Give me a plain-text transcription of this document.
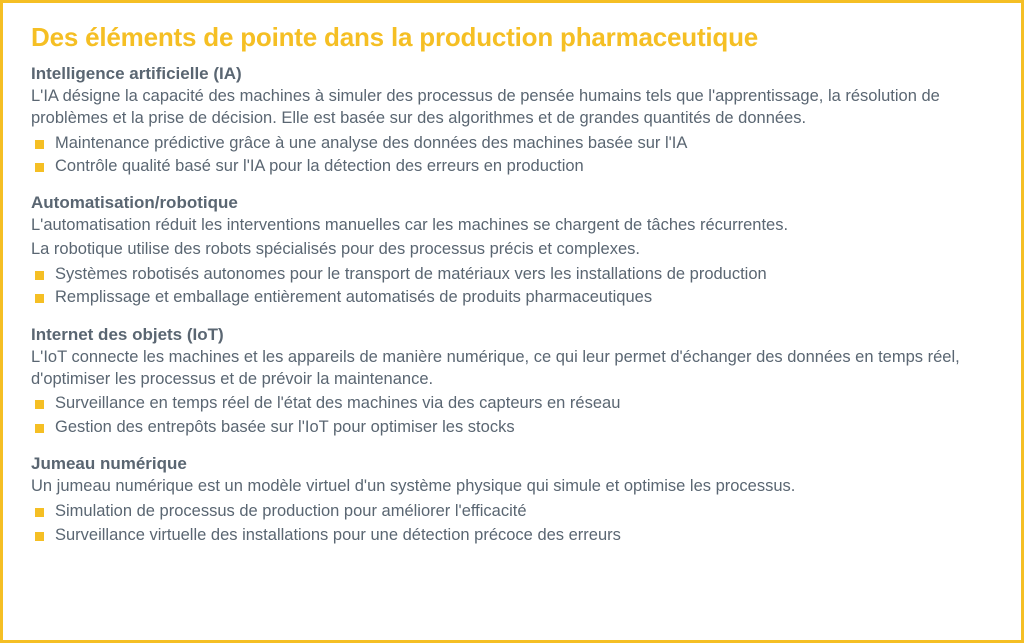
Des éléments de pointe dans la production pharmaceutique
Intelligence artificielle (IA)

L'IA désigne la capacité des machines à simuler des processus de pensée humains tels que l'apprentissage, la résolution de problèmes et la prise de décision. Elle est basée sur des algorithmes et de grandes quantités de données.

Maintenance prédictive grâce à une analyse des données des machines basée sur l'IA
Contrôle qualité basé sur l'IA pour la détection des erreurs en production
Automatisation/robotique

L'automatisation réduit les interventions manuelles car les machines se chargent de tâches récurrentes.

La robotique utilise des robots spécialisés pour des processus précis et complexes.

Systèmes robotisés autonomes pour le transport de matériaux vers les installations de production
Remplissage et emballage entièrement automatisés de produits pharmaceutiques
Internet des objets (IoT)

L'IoT connecte les machines et les appareils de manière numérique, ce qui leur permet d'échanger des données en temps réel, d'optimiser les processus et de prévoir la maintenance.

Surveillance en temps réel de l'état des machines via des capteurs en réseau
Gestion des entrepôts basée sur l'IoT pour optimiser les stocks
Jumeau numérique

Un jumeau numérique est un modèle virtuel d'un système physique qui simule et optimise les processus.

Simulation de processus de production pour améliorer l'efficacité
Surveillance virtuelle des installations pour une détection précoce des erreurs
